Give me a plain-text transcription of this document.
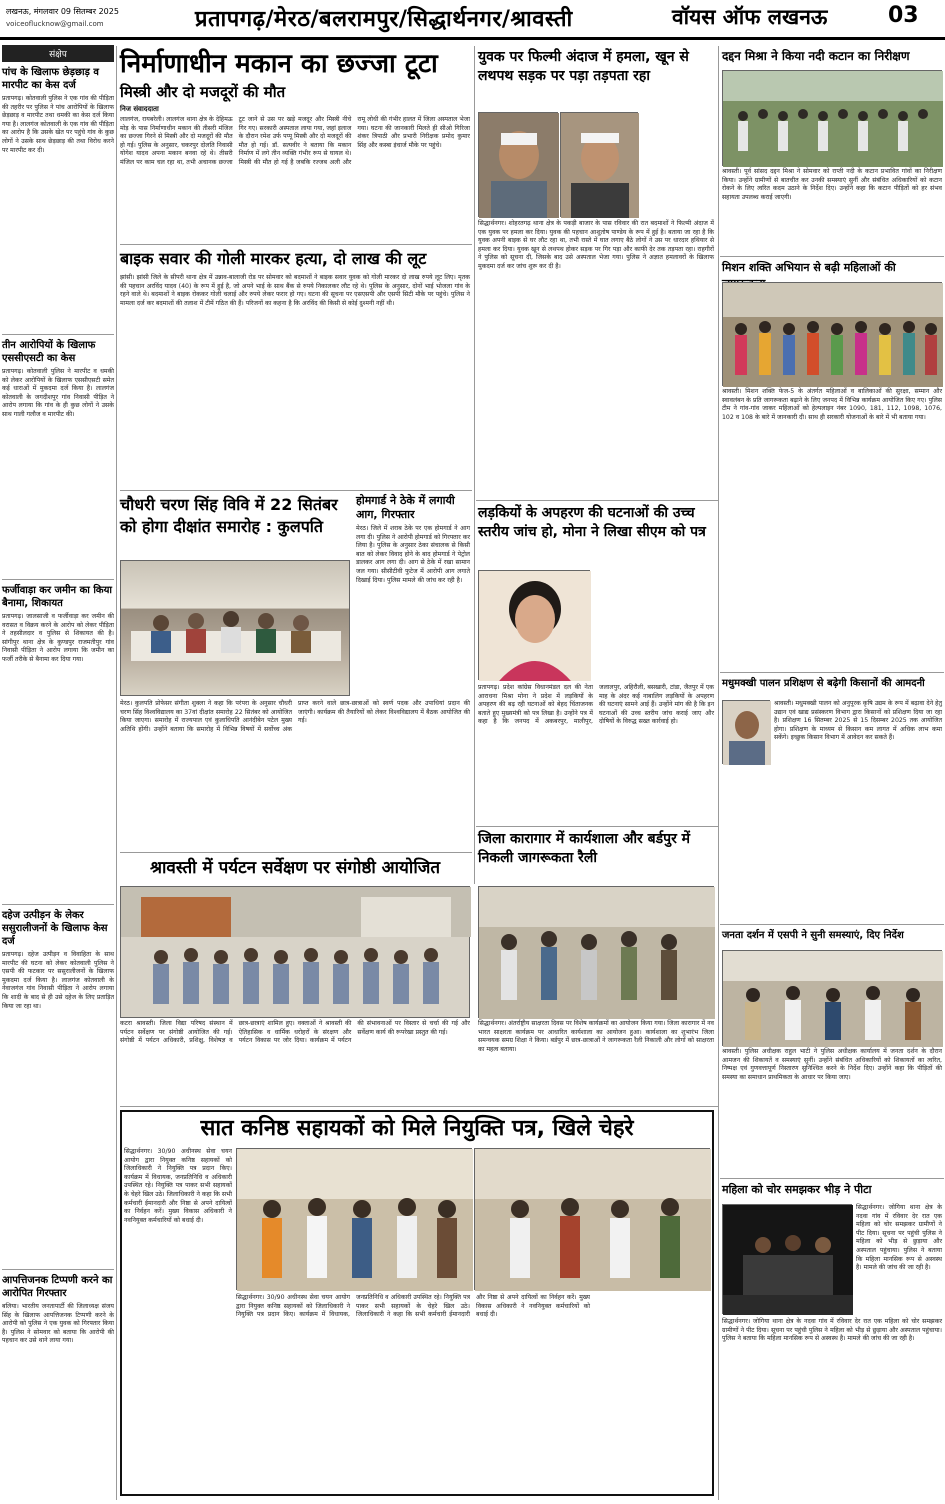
लखनऊ, मंगलवार 09 सितम्बर 2025
voiceoflucknow@gmail.com	प्रतापगढ़/मेरठ/बलरामपुर/सिद्धार्थनगर/श्रावस्ती	वॉयस ऑफ लखनऊ	03
संक्षेप
पांच के खिलाफ छेड़छाड़ व मारपीट का केस दर्ज
प्रतापगढ़। कोतवाली पुलिस ने एक गांव की पीड़िता की तहरीर पर पुलिस ने पांच आरोपियों के खिलाफ छेड़छाड़ व मारपीट तथा धमकी का केस दर्ज किया गया है। लालगंज कोतवाली के एक गांव की पीड़िता का आरोप है कि उसके खेत पर पहुंचे गांव के कुछ लोगों ने उसके साथ छेड़छाड़ की तथा विरोध करने पर मारपीट कर दी।
तीन आरोपियों के खिलाफ एससीएसटी का केस
प्रतापगढ़। कोतवाली पुलिस ने मारपीट व धमकी को लेकर आरोपियों के खिलाफ एससीएसटी समेत कई धाराओं में मुकदमा दर्ज किया है। लालगंज कोतवाली के जगदीशपुर गांव निवासी पीड़ित ने आरोप लगाया कि गांव के ही कुछ लोगों ने उसके साथ गाली गलौज व मारपीट की।
फर्जीवाड़ा कर जमीन का किया बैनामा, शिकायत
प्रतापगढ़। जालसाजी व फर्जीवाड़ा कर जमीन की वरासत व विक्रय करने के आरोप को लेकर पीड़िता ने तहसीलदार व पुलिस से शिकायत की है। सांगीपुर थाना क्षेत्र के कुण्डपुर राजमतीपुर गांव निवासी पीड़िता ने आरोप लगाया कि जमीन का फर्जी तरीके से बैनामा कर दिया गया।
दहेज उत्पीड़न के लेकर ससुरालीजनों के खिलाफ केस दर्ज
प्रतापगढ़। दहेज उत्पीड़न व विवाहिता के साथ मारपीट की घटना को लेकर कोतवाली पुलिस ने एसपी की फटकार पर ससुरालीजनों के खिलाफ मुकदमा दर्ज किया है। लालगंज कोतवाली के नेवाजगंज गांव निवासी पीड़िता ने आरोप लगाया कि शादी के बाद से ही उसे दहेज के लिए प्रताड़ित किया जा रहा था।
आपत्तिजनक टिप्पणी करने का आरोपित गिरफ्तार
बलिया। भारतीय जनतापार्टी की जिलाध्यक्ष संजय सिंह के खिलाफ आपत्तिजनक टिप्पणी करने के आरोपी को पुलिस ने एक युवक को गिरफ्तार किया है। पुलिस ने सोमवार को बताया कि आरोपी की पहचान कर उसे थाने लाया गया।
निर्माणाधीन मकान का छज्जा टूटा
मिस्त्री और दो मजदूरों की मौत
निज संवाददाता
लालगंज, रायबरेली। लालगंज थाना क्षेत्र के देहिमऊ मोड़ के पास निर्माणाधीन मकान की तीसरी मंजिल का छज्जा गिरने से मिस्त्री और दो मजदूरों की मौत हो गई। पुलिस के अनुसार, चकरपुर दोलति निवासी योगेश यादव अपना मकान बनवा रहे थे। तीसरी मंजिल पर काम चल रहा था, तभी अचानक छज्जा टूट जाने से उस पर खड़े मजदूर और मिस्त्री नीचे गिर गए। सरकारी अस्पताल लाया गया, जहां इलाज के दौरान रमेश उर्फ पप्पू मिस्त्री और दो मजदूरों की मौत हो गई। डॉ. सत्यवीर ने बताया कि मकान निर्माण में लगे तीन व्यक्ति गंभीर रूप से घायल थे। मिस्त्री की मौत हो गई है जबकि रज्जब अली और रामू लोधी की गंभीर हालत में जिला अस्पताल भेजा गया। घटना की जानकारी मिलते ही सीओ गिरिजा शंकर त्रिपाठी और प्रभारी निरीक्षक प्रमोद कुमार सिंह और कस्बा इंचार्ज मौके पर पहुंचे।
बाइक सवार की गोली मारकर हत्या, दो लाख की लूट
झांसी। झांसी जिले के सीपरी थाना क्षेत्र में उन्नाव-बालाजी रोड पर सोमवार को बदमाशों ने बाइक सवार युवक को गोली मारकर दो लाख रुपये लूट लिए। मृतक की पहचान अरविंद यादव (40) के रूप में हुई है, जो अपने भाई के साथ बैंक से रुपये निकालकर लौट रहे थे। पुलिस के अनुसार, दोनों भाई भोजला गांव के रहने वाले थे। बदमाशों ने बाइक रोककर गोली चलाई और रुपये लेकर फरार हो गए। घटना की सूचना पर एसएसपी और एसपी सिटी मौके पर पहुंचे। पुलिस ने मामला दर्ज कर बदमाशों की तलाश में टीमें गठित की हैं। परिजनों का कहना है कि अरविंद की किसी से कोई दुश्मनी नहीं थी।
चौधरी चरण सिंह विवि में 22 सितंबर को होगा दीक्षांत समारोह : कुलपति
मेरठ। कुलपति प्रोफेसर संगीता शुक्ला ने कहा कि परंपरा के अनुसार चौधरी चरण सिंह विश्वविद्यालय का 37वां दीक्षांत समारोह 22 सितंबर को आयोजित किया जाएगा। समारोह में राज्यपाल एवं कुलाधिपति आनंदीबेन पटेल मुख्य अतिथि होंगी। उन्होंने बताया कि समारोह में विभिन्न विषयों में सर्वोच्च अंक प्राप्त करने वाले छात्र-छात्राओं को स्वर्ण पदक और उपाधियां प्रदान की जाएंगी। कार्यक्रम की तैयारियों को लेकर विश्वविद्यालय में बैठक आयोजित की गई।
होमगार्ड ने ठेके में लगायी आग, गिरफ्तार
मेरठ। जिले में शराब ठेके पर एक होमगार्ड ने आग लगा दी। पुलिस ने आरोपी होमगार्ड को गिरफ्तार कर लिया है। पुलिस के अनुसार ठेका संचालक से किसी बात को लेकर विवाद होने के बाद होमगार्ड ने पेट्रोल डालकर आग लगा दी। आग से ठेके में रखा सामान जल गया। सीसीटीवी फुटेज में आरोपी आग लगाते दिखाई दिया। पुलिस मामले की जांच कर रही है।
श्रावस्ती में पर्यटन सर्वेक्षण पर संगोष्ठी आयोजित
कटरा श्रावस्ती। जिला विद्या परिषद संस्थान में पर्यटन सर्वेक्षण पर संगोष्ठी आयोजित की गई। संगोष्ठी में पर्यटन अधिकारी, प्रशिक्षु, विशेषज्ञ व छात्र-छात्राएं शामिल हुए। वक्ताओं ने श्रावस्ती की ऐतिहासिक व धार्मिक धरोहरों के संरक्षण और पर्यटन विकास पर जोर दिया। कार्यक्रम में पर्यटन की संभावनाओं पर विस्तार से चर्चा की गई और सर्वेक्षण कार्य की रूपरेखा प्रस्तुत की गई।
युवक पर फिल्मी अंदाज में हमला, खून से लथपथ सड़क पर पड़ा तड़पता रहा
सिद्धार्थनगर। शोहरतगढ़ थाना क्षेत्र के पकड़ी बाजार के पास रविवार की रात बदमाशों ने फिल्मी अंदाज में एक युवक पर हमला कर दिया। युवक की पहचान आशुतोष पाण्डेय के रूप में हुई है। बताया जा रहा है कि युवक अपनी बाइक से घर लौट रहा था, तभी रास्ते में घात लगाए बैठे लोगों ने उस पर धारदार हथियार से हमला कर दिया। युवक खून से लथपथ होकर सड़क पर गिर पड़ा और काफी देर तक तड़पता रहा। राहगीरों ने पुलिस को सूचना दी, जिसके बाद उसे अस्पताल भेजा गया। पुलिस ने अज्ञात हमलावरों के खिलाफ मुकदमा दर्ज कर जांच शुरू कर दी है।
लड़कियों के अपहरण की घटनाओं की उच्च स्तरीय जांच हो, मोना ने लिखा सीएम को पत्र
प्रतापगढ़। प्रदेश कांग्रेस विधानमंडल दल की नेता आराधना मिश्रा मोना ने प्रदेश में लड़कियों के अपहरण की बढ़ रही घटनाओं को बेहद चिंताजनक बताते हुए मुख्यमंत्री को पत्र लिखा है। उन्होंने पत्र में कहा है कि जनपद में अकबरपुर, मालीपुर, जलालपुर, अहिरौली, बसखारी, टांडा, जैतपुर में एक माह के अंदर कई नाबालिग लड़कियों के अपहरण की घटनाएं सामने आई हैं। उन्होंने मांग की है कि इन घटनाओं की उच्च स्तरीय जांच कराई जाए और दोषियों के विरुद्ध सख्त कार्रवाई हो।
जिला कारागार में कार्यशाला और बर्डपुर में निकली जागरूकता रैली
सिद्धार्थनगर। अंतर्राष्ट्रीय साक्षरता दिवस पर विशेष कार्यक्रमों का आयोजन किया गया। जिला कारागार में नव भारत साक्षरता कार्यक्रम पर आधारित कार्यशाला का आयोजन हुआ। कार्यशाला का शुभारंभ जिला समन्वयक समग्र शिक्षा ने किया। बर्डपुर में छात्र-छात्राओं ने जागरूकता रैली निकाली और लोगों को साक्षरता का महत्व बताया।
सात कनिष्ठ सहायकों को मिले नियुक्ति पत्र, खिले चेहरे
सिद्धार्थनगर। 30/90 अधीनस्थ सेवा चयन आयोग द्वारा नियुक्त कनिष्ठ सहायकों को जिलाधिकारी ने नियुक्ति पत्र प्रदान किए। कार्यक्रम में विधायक, जनप्रतिनिधि व अधिकारी उपस्थित रहे। नियुक्ति पत्र पाकर सभी सहायकों के चेहरे खिल उठे। जिलाधिकारी ने कहा कि सभी कर्मचारी ईमानदारी और निष्ठा से अपने दायित्वों का निर्वहन करें। मुख्य विकास अधिकारी ने नवनियुक्त कर्मचारियों को बधाई दी।
सिद्धार्थनगर। 30/90 अधीनस्थ सेवा चयन आयोग द्वारा नियुक्त कनिष्ठ सहायकों को जिलाधिकारी ने नियुक्ति पत्र प्रदान किए। कार्यक्रम में विधायक, जनप्रतिनिधि व अधिकारी उपस्थित रहे। नियुक्ति पत्र पाकर सभी सहायकों के चेहरे खिल उठे। जिलाधिकारी ने कहा कि सभी कर्मचारी ईमानदारी और निष्ठा से अपने दायित्वों का निर्वहन करें। मुख्य विकास अधिकारी ने नवनियुक्त कर्मचारियों को बधाई दी।
दद्दन मिश्रा ने किया नदी कटान का निरीक्षण
श्रावस्ती। पूर्व सांसद दद्दन मिश्रा ने सोमवार को राप्ती नदी के कटान प्रभावित गांवों का निरीक्षण किया। उन्होंने ग्रामीणों से बातचीत कर उनकी समस्याएं सुनीं और संबंधित अधिकारियों को कटान रोकने के लिए त्वरित कदम उठाने के निर्देश दिए। उन्होंने कहा कि कटान पीड़ितों को हर संभव सहायता उपलब्ध कराई जाएगी।
मिशन शक्ति अभियान से बढ़ी महिलाओं की
श्रावस्ती। मिशन शक्ति फेज-5 के अंतर्गत महिलाओं व बालिकाओं की सुरक्षा, सम्मान और स्वावलंबन के प्रति जागरूकता बढ़ाने के लिए जनपद में विभिन्न कार्यक्रम आयोजित किए गए। पुलिस टीम ने गांव-गांव जाकर महिलाओं को हेल्पलाइन नंबर 1090, 181, 112, 1098, 1076, 102 व 108 के बारे में जानकारी दी। साथ ही सरकारी योजनाओं के बारे में भी बताया गया।
मधुमक्खी पालन प्रशिक्षण से बढ़ेगी किसानों की आमदनी
श्रावस्ती। मधुमक्खी पालन को अनुपूरक कृषि उद्यम के रूप में बढ़ावा देने हेतु उद्यान एवं खाद्य प्रसंस्करण विभाग द्वारा किसानों को प्रशिक्षण दिया जा रहा है। प्रशिक्षण 16 सितम्बर 2025 से 15 दिसम्बर 2025 तक आयोजित होगा। प्रशिक्षण के माध्यम से किसान कम लागत में अधिक लाभ कमा सकेंगे। इच्छुक किसान विभाग में आवेदन कर सकते हैं।
जनता दर्शन में एसपी ने सुनी समस्याएं, दिए निर्देश
श्रावस्ती। पुलिस अधीक्षक राहुल भाटी ने पुलिस अधीक्षक कार्यालय में जनता दर्शन के दौरान आमजन की शिकायतें व समस्याएं सुनीं। उन्होंने संबंधित अधिकारियों को शिकायतों का त्वरित, निष्पक्ष एवं गुणवत्तापूर्ण निस्तारण सुनिश्चित करने के निर्देश दिए। उन्होंने कहा कि पीड़ितों की समस्या का समाधान प्राथमिकता के आधार पर किया जाए।
महिला को चोर समझकर भीड़ ने पीटा
सिद्धार्थनगर। जोगिया थाना क्षेत्र के नदवा गांव में रविवार देर रात एक महिला को चोर समझकर ग्रामीणों ने पीट दिया। सूचना पर पहुंची पुलिस ने महिला को भीड़ से छुड़ाया और अस्पताल पहुंचाया। पुलिस ने बताया कि महिला मानसिक रूप से अस्वस्थ है। मामले की जांच की जा रही है।
सिद्धार्थनगर। जोगिया थाना क्षेत्र के नदवा गांव में रविवार देर रात एक महिला को चोर समझकर ग्रामीणों ने पीट दिया। सूचना पर पहुंची पुलिस ने महिला को भीड़ से छुड़ाया और अस्पताल पहुंचाया। पुलिस ने बताया कि महिला मानसिक रूप से अस्वस्थ है। मामले की जांच की जा रही है।
